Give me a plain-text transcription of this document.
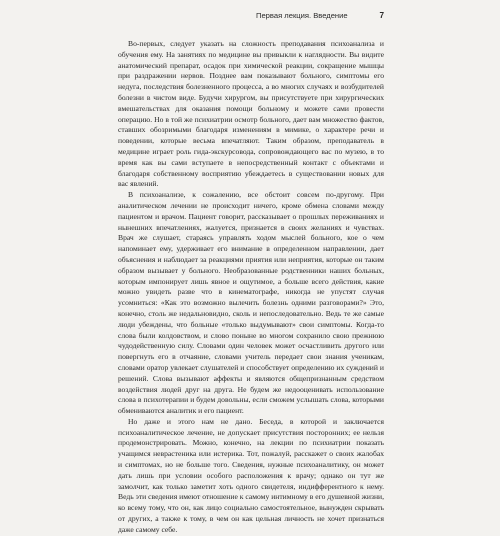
Первая лекция. Введение	7

Во-первых, следует указать на сложность преподавания психоанализа и обучения ему. На занятиях по медицине вы привыкли к наглядности. Вы видите анатомический препарат, осадок при химической реакции, сокращение мышцы при раздражении нервов. Позднее вам показывают больного, симптомы его недуга, последствия болезненного процесса, а во многих случаях и возбудителей болезни в чистом виде. Будучи хирургом, вы присутствуете при хирургических вмешательствах для оказания помощи больному и можете сами провести операцию. Но в той же психиатрии осмотр больного, дает вам множество фактов, ставших обозримыми благодаря изменениям в мимике, о характере речи и поведении, которые весьма впечатляют. Таким образом, преподаватель в медицине играет роль гида-экскурсовода, сопровождающего вас по музею, в то время как вы сами вступаете в непосредственный контакт с объектами и благодаря собственному восприятию убеждаетесь в существовании новых для вас явлений.

В психоанализе, к сожалению, все обстоит совсем по-другому. При аналитическом лечении не происходит ничего, кроме обмена словами между пациентом и врачом. Пациент говорит, рассказывает о прошлых переживаниях и нынешних впечатлениях, жалуется, признается в своих желаниях и чувствах. Врач же слушает, стараясь управлять ходом мыслей больного, кое о чем напоминает ему, удерживает его внимание в определенном направлении, дает объяснения и наблюдает за реакциями приятия или неприятия, которые он таким образом вызывает у больного. Необразованные родственники наших больных, которым импонирует лишь явное и ощутимое, а больше всего действия, какие можно увидеть разве что в кинематографе, никогда не упустят случая усомниться: «Как это возможно вылечить болезнь одними разговорами?» Это, конечно, столь же недальновидно, сколь и непоследовательно. Ведь те же самые люди убеждены, что больные «только выдумывают» свои симптомы. Когда-то слова были колдовством, и слово поныне во многом сохранило свою прежнюю чудодейственную силу. Словами один человек может осчастливить другого или повергнуть его в отчаяние, словами учитель передает свои знания ученикам, словами оратор увлекает слушателей и способствует определению их суждений и решений. Слова вызывают аффекты и являются общепризнанным средством воздействия людей друг на друга. Не будем же недооценивать использование слова в психотерапии и будем довольны, если сможем услышать слова, которыми обмениваются аналитик и его пациент.

Но даже и этого нам не дано. Беседа, в которой и заключается психоаналитическое лечение, не допускает присутствия посторонних; ее нельзя продемонстрировать. Можно, конечно, на лекции по психиатрии показать учащимся неврастеника или истерика. Тот, пожалуй, расскажет о своих жалобах и симптомах, но не больше того. Сведения, нужные психоаналитику, он может дать лишь при условии особого расположения к врачу; однако он тут же замолчит, как только заметит хоть одного свидетеля, индифферентного к нему. Ведь эти сведения имеют отношение к самому интимному в его душевной жизни, ко всему тому, что он, как лицо социально самостоятельное, вынужден скрывать от других, а также к тому, в чем он как цельная личность не хочет признаться даже самому себе.
